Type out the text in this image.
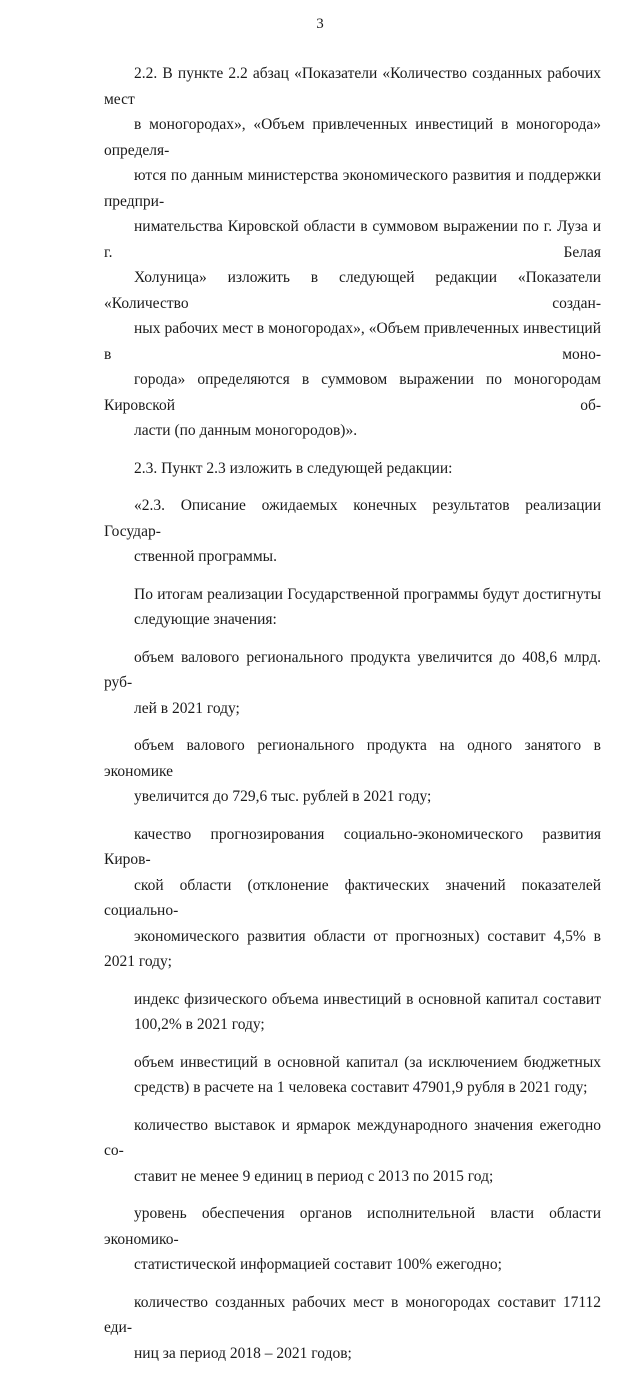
3

2.2. В пункте 2.2 абзац «Показатели «Количество созданных рабочих мест
в моногородах», «Объем привлеченных инвестиций в моногорода» определя-
ются по данным министерства экономического развития и поддержки предпри-
нимательства Кировской области в суммовом выражении по г. Луза и г. Белая
Холуница» изложить в следующей редакции «Показатели «Количество создан-
ных рабочих мест в моногородах», «Объем привлеченных инвестиций в моно-
города» определяются в суммовом выражении по моногородам Кировской об-
ласти (по данным моногородов)».

2.3. Пункт 2.3 изложить в следующей редакции:

«2.3. Описание ожидаемых конечных результатов реализации Государ-
ственной программы.

По итогам реализации Государственной программы будут достигнуты
следующие значения:

объем валового регионального продукта увеличится до 408,6 млрд. руб-
лей в 2021 году;

объем валового регионального продукта на одного занятого в экономике
увеличится до 729,6 тыс. рублей в 2021 году;

качество прогнозирования социально-экономического развития Киров-
ской области (отклонение фактических значений показателей социально-
экономического развития области от прогнозных) составит 4,5% в 2021 году;

индекс физического объема инвестиций в основной капитал составит
100,2% в 2021 году;

объем инвестиций в основной капитал (за исключением бюджетных
средств) в расчете на 1 человека составит 47901,9 рубля в 2021 году;

количество выставок и ярмарок международного значения ежегодно со-
ставит не менее 9 единиц в период с 2013 по 2015 год;

уровень обеспечения органов исполнительной власти области экономико-
статистической информацией составит 100% ежегодно;

количество созданных рабочих мест в моногородах составит 17112 еди-
ниц за период 2018 – 2021 годов;
